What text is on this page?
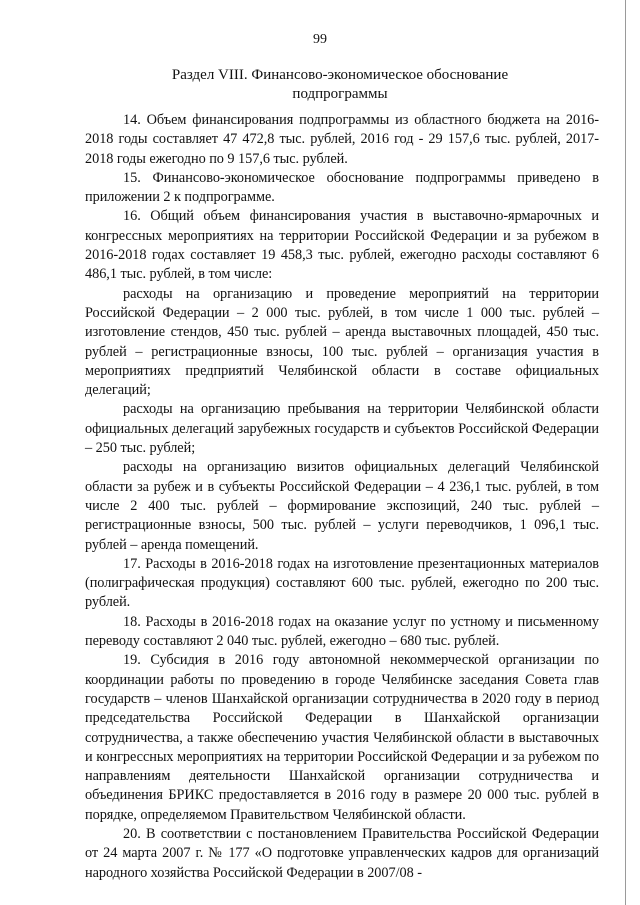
99
Раздел VIII. Финансово-экономическое обоснование
подпрограммы

14. Объем финансирования подпрограммы из областного бюджета на 2016-2018 годы составляет 47 472,8 тыс. рублей, 2016 год - 29 157,6 тыс. рублей, 2017-2018 годы ежегодно по 9 157,6 тыс. рублей.

15. Финансово-экономическое обоснование подпрограммы приведено в приложении 2 к подпрограмме.

16. Общий объем финансирования участия в выставочно-ярмарочных и конгрессных мероприятиях на территории Российской Федерации и за рубежом в 2016-2018 годах составляет 19 458,3 тыс. рублей, ежегодно расходы составляют 6 486,1 тыс. рублей, в том числе:

расходы на организацию и проведение мероприятий на территории Российской Федерации – 2 000 тыс. рублей, в том числе 1 000 тыс. рублей – изготовление стендов, 450 тыс. рублей – аренда выставочных площадей, 450 тыс. рублей – регистрационные взносы, 100 тыс. рублей – организация участия в мероприятиях предприятий Челябинской области в составе официальных делегаций;

расходы на организацию пребывания на территории Челябинской области официальных делегаций зарубежных государств и субъектов Российской Федерации – 250 тыс. рублей;

расходы на организацию визитов официальных делегаций Челябинской области за рубеж и в субъекты Российской Федерации – 4 236,1 тыс. рублей, в том числе 2 400 тыс. рублей – формирование экспозиций, 240 тыс. рублей – регистрационные взносы, 500 тыс. рублей – услуги переводчиков, 1 096,1 тыс. рублей – аренда помещений.

17. Расходы в 2016-2018 годах на изготовление презентационных материалов (полиграфическая продукция) составляют 600 тыс. рублей, ежегодно по 200 тыс. рублей.

18. Расходы в 2016-2018 годах на оказание услуг по устному и письменному переводу составляют 2 040 тыс. рублей, ежегодно – 680 тыс. рублей.

19. Субсидия в 2016 году автономной некоммерческой организации по координации работы по проведению в городе Челябинске заседания Совета глав государств – членов Шанхайской организации сотрудничества в 2020 году в период председательства Российской Федерации в Шанхайской организации сотрудничества, а также обеспечению участия Челябинской области в выставочных и конгрессных мероприятиях на территории Российской Федерации и за рубежом по направлениям деятельности Шанхайской организации сотрудничества и объединения БРИКС предоставляется в 2016 году в размере 20 000 тыс. рублей в порядке, определяемом Правительством Челябинской области.

20. В соответствии с постановлением Правительства Российской Федерации от 24 марта 2007 г. № 177 «О подготовке управленческих кадров для организаций народного хозяйства Российской Федерации в 2007/08 -
